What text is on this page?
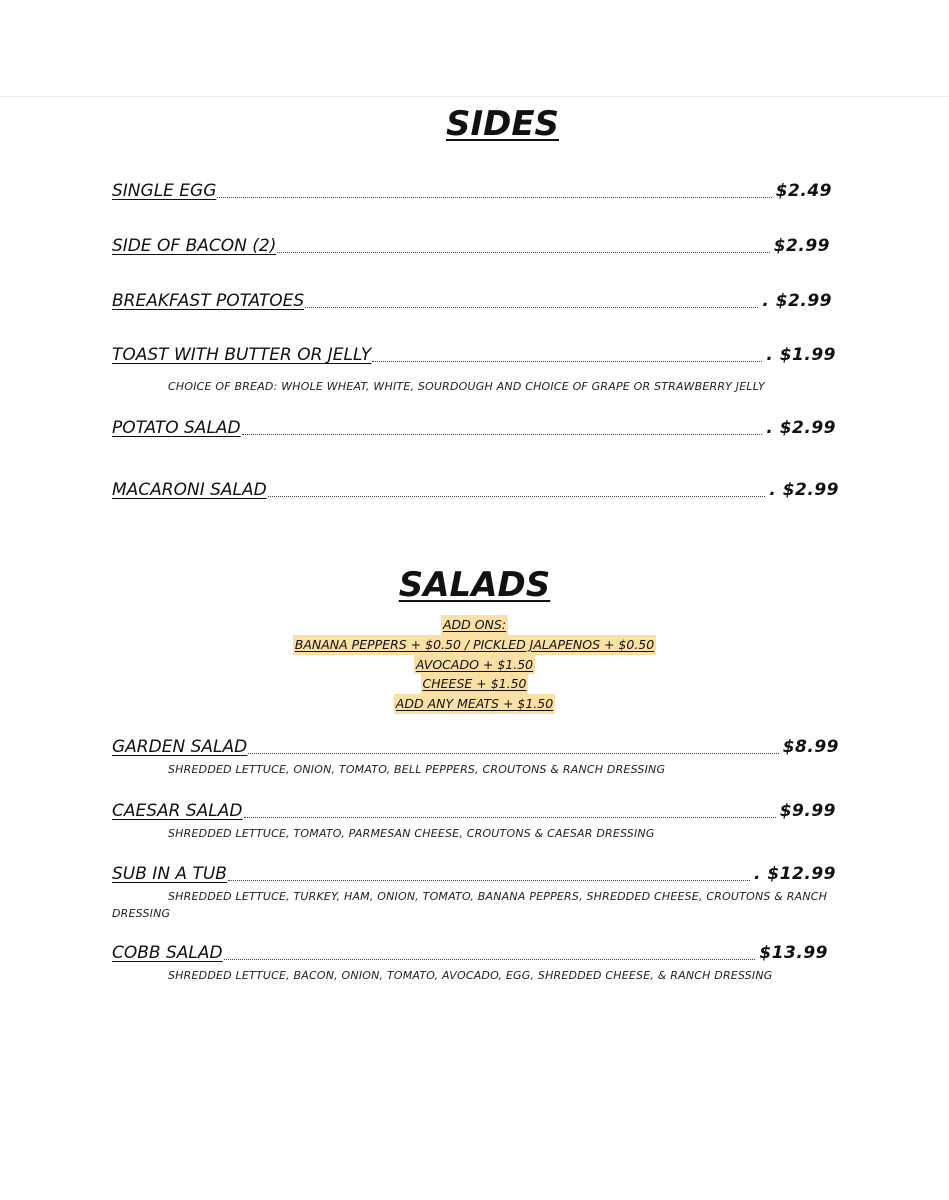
SIDES
SINGLE EGG	$2.49
SIDE OF BACON (2)	$2.99
BREAKFAST POTATOES	. $2.99
TOAST WITH BUTTER OR JELLY	. $1.99

CHOICE OF BREAD: WHOLE WHEAT, WHITE, SOURDOUGH AND CHOICE OF GRAPE OR STRAWBERRY JELLY

POTATO SALAD	. $2.99
MACARONI SALAD	. $2.99
SALADS
ADD ONS:
BANANA PEPPERS + $0.50 / PICKLED JALAPENOS + $0.50
AVOCADO + $1.50
CHEESE + $1.50
ADD ANY MEATS + $1.50
GARDEN SALAD	$8.99

SHREDDED LETTUCE, ONION, TOMATO, BELL PEPPERS, CROUTONS & RANCH DRESSING

CAESAR SALAD	$9.99

SHREDDED LETTUCE, TOMATO, PARMESAN CHEESE, CROUTONS & CAESAR DRESSING

SUB IN A TUB	. $12.99

SHREDDED LETTUCE, TURKEY, HAM, ONION, TOMATO, BANANA PEPPERS, SHREDDED CHEESE, CROUTONS & RANCH

DRESSING

COBB SALAD	$13.99

SHREDDED LETTUCE, BACON, ONION, TOMATO, AVOCADO, EGG, SHREDDED CHEESE, & RANCH DRESSING
